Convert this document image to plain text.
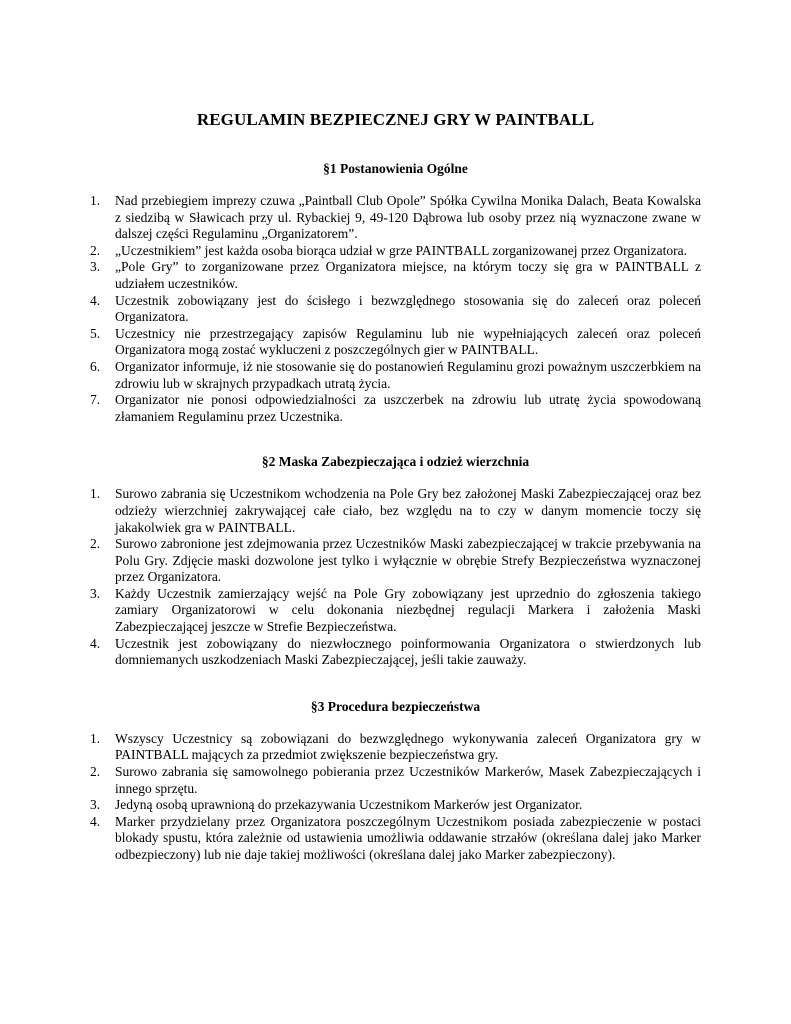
REGULAMIN BEZPIECZNEJ GRY W PAINTBALL
§1 Postanowienia Ogólne
1. Nad przebiegiem imprezy czuwa „Paintball Club Opole” Spółka Cywilna Monika Dalach, Beata Kowalska z siedzibą w Sławicach przy ul. Rybackiej 9, 49-120 Dąbrowa lub osoby przez nią wyznaczone zwane w dalszej części Regulaminu „Organizatorem”.
2. „Uczestnikiem” jest każda osoba biorąca udział w grze PAINTBALL zorganizowanej przez Organizatora.
3. „Pole Gry” to zorganizowane przez Organizatora miejsce, na którym toczy się gra w PAINTBALL z udziałem uczestników.
4. Uczestnik zobowiązany jest do ścisłego i bezwzględnego stosowania się do zaleceń oraz poleceń Organizatora.
5. Uczestnicy nie przestrzegający zapisów Regulaminu lub nie wypełniających zaleceń oraz poleceń Organizatora mogą zostać wykluczeni z poszczególnych gier w PAINTBALL.
6. Organizator informuje, iż nie stosowanie się do postanowień Regulaminu grozi poważnym uszczerbkiem na zdrowiu lub w skrajnych przypadkach utratą życia.
7. Organizator nie ponosi odpowiedzialności za uszczerbek na zdrowiu lub utratę życia spowodowaną złamaniem Regulaminu przez Uczestnika.
§2 Maska Zabezpieczająca i odzież wierzchnia
1. Surowo zabrania się Uczestnikom wchodzenia na Pole Gry bez założonej Maski Zabezpieczającej oraz bez odzieży wierzchniej zakrywającej całe ciało, bez względu na to czy w danym momencie toczy się jakakolwiek gra w PAINTBALL.
2. Surowo zabronione jest zdejmowania przez Uczestników Maski zabezpieczającej w trakcie przebywania na Polu Gry. Zdjęcie maski dozwolone jest tylko i wyłącznie w obrębie Strefy Bezpieczeństwa wyznaczonej przez Organizatora.
3. Każdy Uczestnik zamierzający wejść na Pole Gry zobowiązany jest uprzednio do zgłoszenia takiego zamiary Organizatorowi w celu dokonania niezbędnej regulacji Markera i założenia Maski Zabezpieczającej jeszcze w Strefie Bezpieczeństwa.
4. Uczestnik jest zobowiązany do niezwłocznego poinformowania Organizatora o stwierdzonych lub domniemanych uszkodzeniach Maski Zabezpieczającej, jeśli takie zauważy.
§3 Procedura bezpieczeństwa
1. Wszyscy Uczestnicy są zobowiązani do bezwzględnego wykonywania zaleceń Organizatora gry w PAINTBALL mających za przedmiot zwiększenie bezpieczeństwa gry.
2. Surowo zabrania się samowolnego pobierania przez Uczestników Markerów, Masek Zabezpieczających i innego sprzętu.
3. Jedyną osobą uprawnioną do przekazywania Uczestnikom Markerów jest Organizator.
4. Marker przydzielany przez Organizatora poszczególnym Uczestnikom posiada zabezpieczenie w postaci blokady spustu, która zależnie od ustawienia umożliwia oddawanie strzałów (określana dalej jako Marker odbezpieczony) lub nie daje takiej możliwości (określana dalej jako Marker zabezpieczony).
